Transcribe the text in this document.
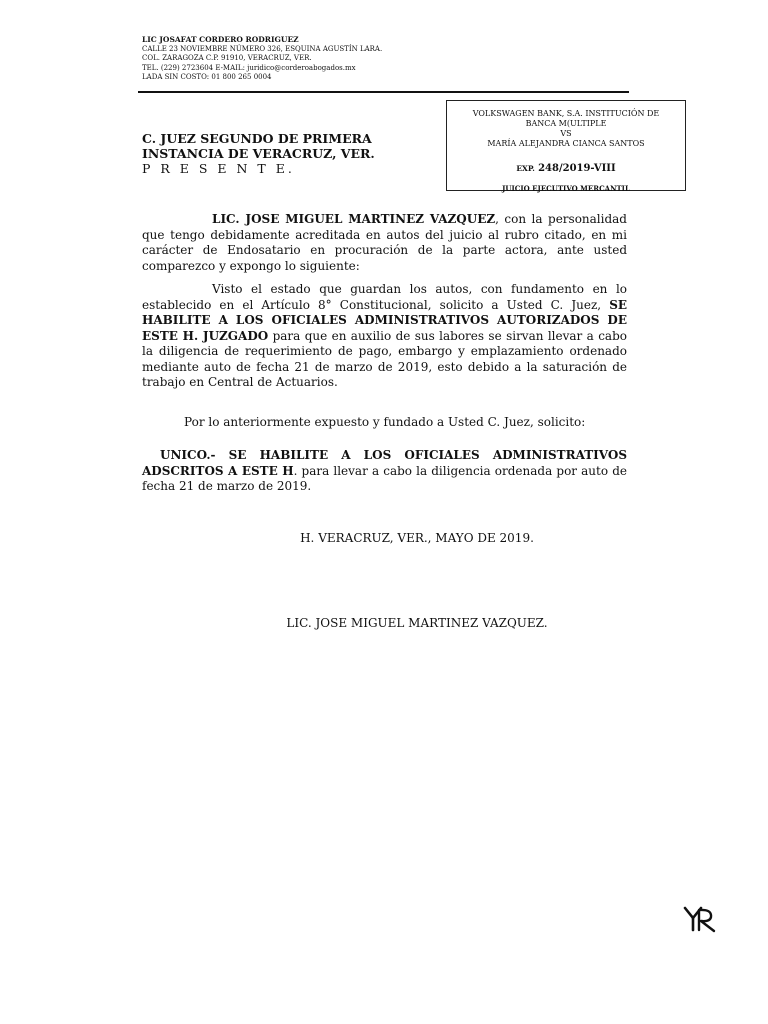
LIC JOSAFAT CORDERO RODRIGUEZ
CALLE 23 NOVIEMBRE NÚMERO 326, ESQUINA AGUSTÍN LARA.
COL. ZARAGOZA C.P. 91910, VERACRUZ, VER.
TEL. (229) 2723604 E-MAIL: juridico@corderoabogados.mx
LADA SIN COSTO: 01 800 265 0004
VOLKSWAGEN BANK, S.A. INSTITUCIÓN DE
BANCA M(ULTIPLE
VS
MARÍA ALEJANDRA CIANCA SANTOS
EXP. 248/2019-VIII
JUICIO EJECUTIVO MERCANTIL
C. JUEZ SEGUNDO DE PRIMERA
INSTANCIA DE VERACRUZ, VER.
P R E S E N T E.
LIC. JOSE MIGUEL MARTINEZ VAZQUEZ, con la personalidad que tengo debidamente acreditada en autos del juicio al rubro citado, en mi carácter de Endosatario en procuración de la parte actora, ante usted comparezco y expongo lo siguiente:
Visto el estado que guardan los autos, con fundamento en lo establecido en el Artículo 8° Constitucional, solicito a Usted C. Juez, SE HABILITE A LOS OFICIALES ADMINISTRATIVOS AUTORIZADOS DE ESTE H. JUZGADO para que en auxilio de sus labores se sirvan llevar a cabo la diligencia de requerimiento de pago, embargo y emplazamiento ordenado mediante auto de fecha 21 de marzo de 2019, esto debido a la saturación de trabajo en Central de Actuarios.
Por lo anteriormente expuesto y fundado a Usted C. Juez, solicito:
UNICO.- SE HABILITE A LOS OFICIALES ADMINISTRATIVOS ADSCRITOS A ESTE H. para llevar a cabo la diligencia ordenada por auto de fecha 21 de marzo de 2019.
H. VERACRUZ, VER., MAYO DE 2019.
LIC. JOSE MIGUEL MARTINEZ VAZQUEZ.
